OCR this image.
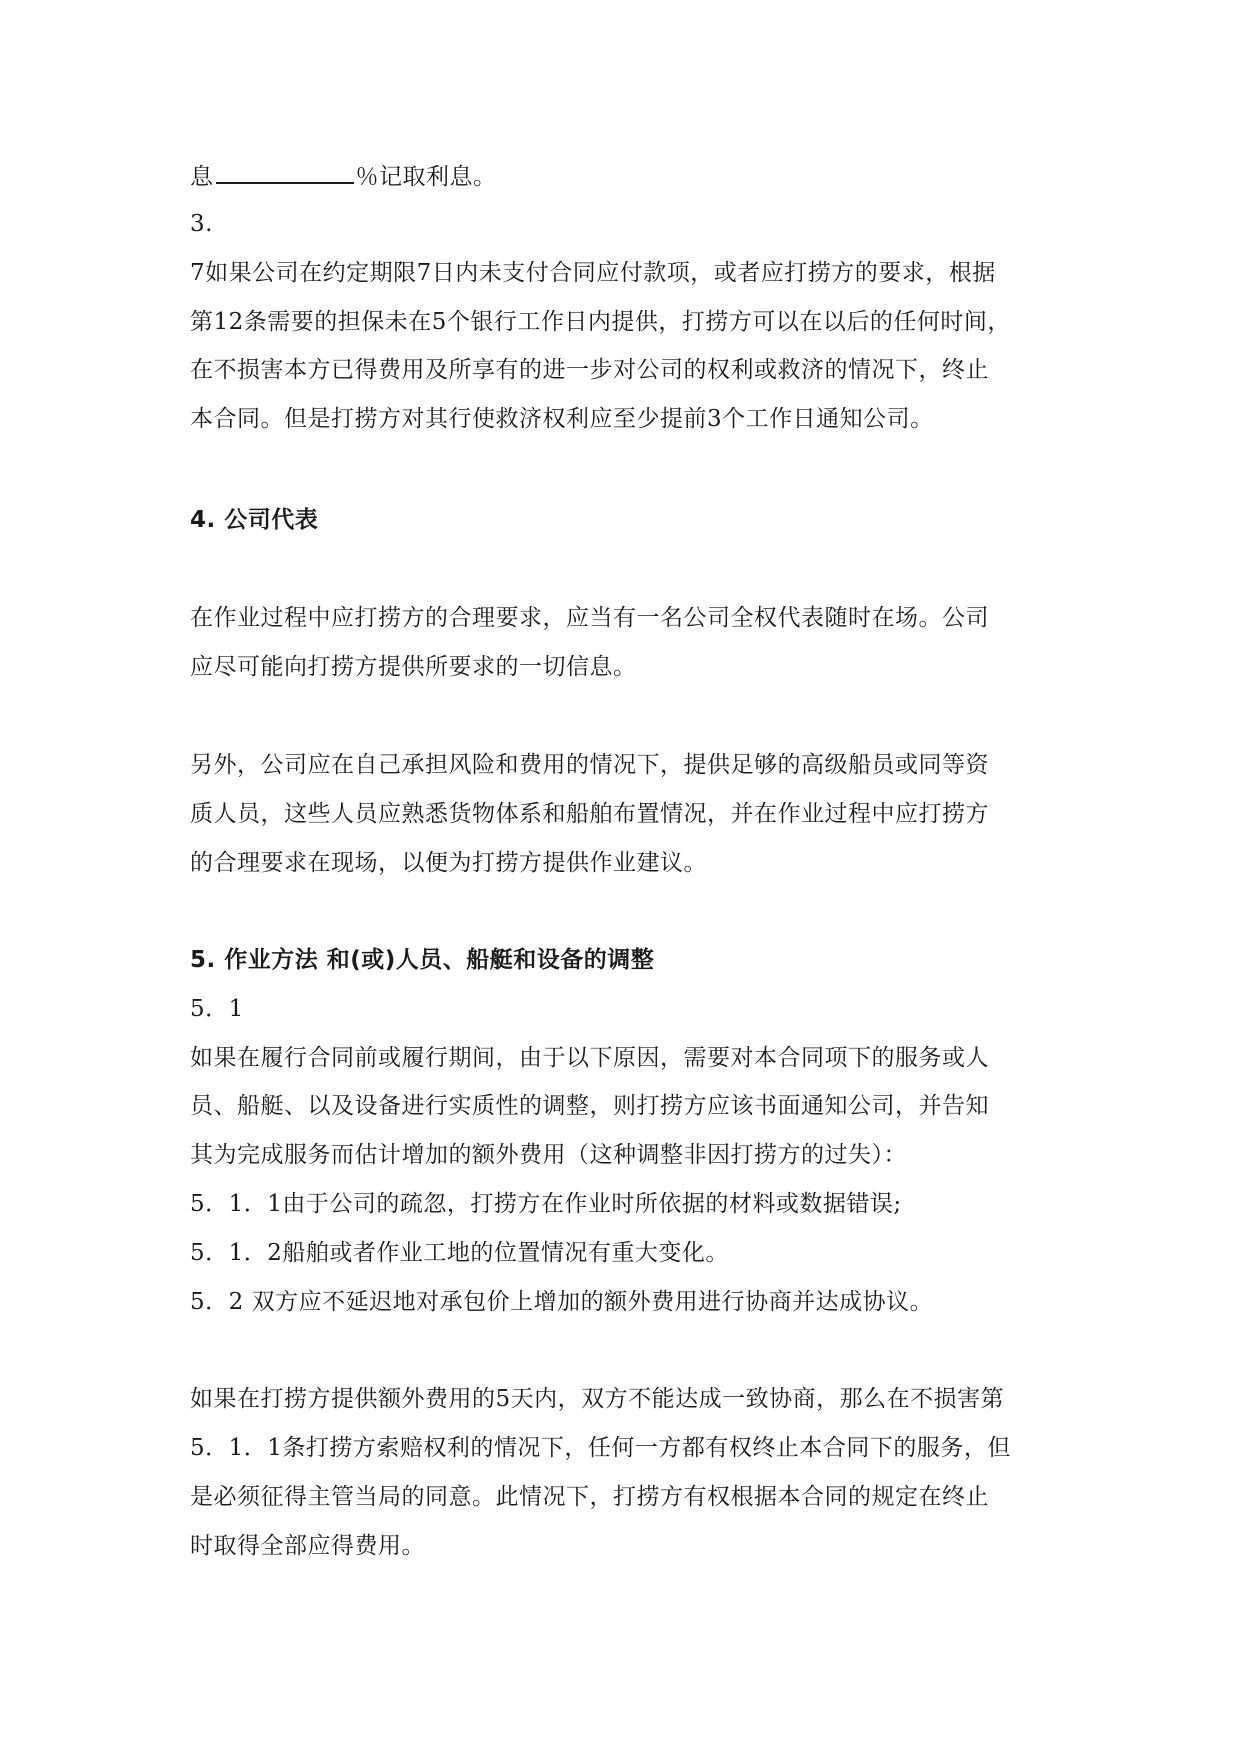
息	％记取利息。
3.
7如果公司在约定期限7日内未支付合同应付款项，或者应打捞方的要求，根据
第12条需要的担保未在5个银行工作日内提供，打捞方可以在以后的任何时间，
在不损害本方已得费用及所享有的进一步对公司的权利或救济的情况下，终止
本合同。但是打捞方对其行使救济权利应至少提前3个工作日通知公司。
4. 公司代表
在作业过程中应打捞方的合理要求，应当有一名公司全权代表随时在场。公司
应尽可能向打捞方提供所要求的一切信息。
另外，公司应在自己承担风险和费用的情况下，提供足够的高级船员或同等资
质人员，这些人员应熟悉货物体系和船舶布置情况，并在作业过程中应打捞方
的合理要求在现场，以便为打捞方提供作业建议。
5. 作业方法 和(或)人员、船艇和设备的调整
5．1
如果在履行合同前或履行期间，由于以下原因，需要对本合同项下的服务或人
员、船艇、以及设备进行实质性的调整，则打捞方应该书面通知公司，并告知
其为完成服务而估计增加的额外费用（这种调整非因打捞方的过失）：
5．1．1由于公司的疏忽，打捞方在作业时所依据的材料或数据错误;
5．1．2船舶或者作业工地的位置情况有重大变化。
5．2 双方应不延迟地对承包价上增加的额外费用进行协商并达成协议。
如果在打捞方提供额外费用的5天内，双方不能达成一致协商，那么在不损害第
5．1．1条打捞方索赔权利的情况下，任何一方都有权终止本合同下的服务，但
是必须征得主管当局的同意。此情况下，打捞方有权根据本合同的规定在终止
时取得全部应得费用。
